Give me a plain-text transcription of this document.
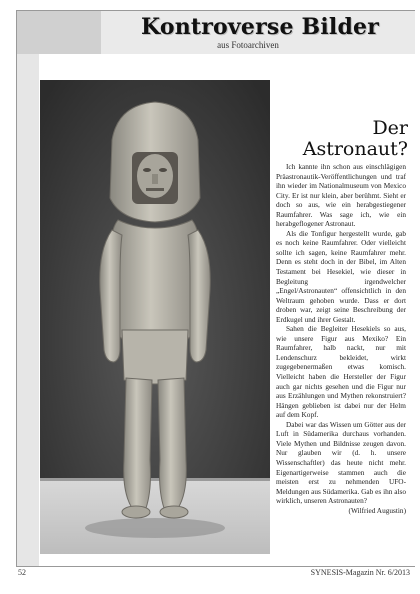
Kontroverse Bilder
aus Fotoarchiven
Der
Astronaut?

Ich kannte ihn schon aus einschlägigen Präastronautik-Veröffentlichungen und traf ihn wieder im Nationalmuseum von Mexico City. Er ist nur klein, aber berühmt. Sieht er doch so aus, wie ein herabgestiegener Raumfahrer. Was sage ich, wie ein herabgeflogener Astronaut.

Als die Tonfigur hergestellt wurde, gab es noch keine Raumfahrer. Oder vielleicht sollte ich sagen, keine Raumfahrer mehr. Denn es steht doch in der Bibel, im Alten Testament bei Hesekiel, wie dieser in Begleitung irgendwelcher „Engel/Astronauten“ offensichtlich in den Weltraum gehoben wurde. Dass er dort droben war, zeigt seine Beschreibung der Erdkugel und ihrer Gestalt.

Sahen die Begleiter Hesekiels so aus, wie unsere Figur aus Mexiko? Ein Raumfahrer, halb nackt, nur mit Lendenschurz bekleidet, wirkt zugegebenermaßen etwas komisch. Vielleicht haben die Hersteller der Figur auch gar nichts gesehen und die Figur nur aus Erzählungen und Mythen rekonstruiert? Hängen geblieben ist dabei nur der Helm auf dem Kopf.

Dabei war das Wissen um Götter aus der Luft in Südamerika durchaus vorhanden. Viele Mythen und Bildnisse zeugen davon. Nur glauben wir (d. h. unsere Wissenschaftler) das heute nicht mehr. Eigenartigerweise stammen auch die meisten erst zu nehmenden UFO-Meldungen aus Südamerika. Gab es ihn also wirklich, unseren Astronauten?

(Wilfried Augustin)

52	SYNESIS-Magazin Nr. 6/2013
